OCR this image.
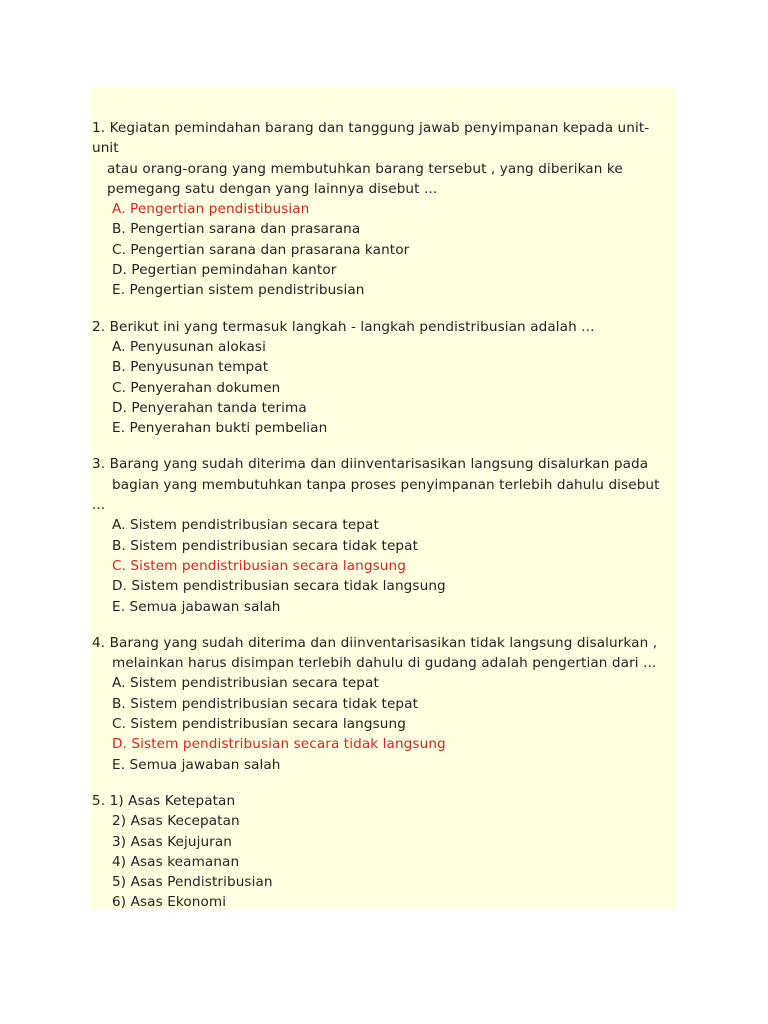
1. Kegiatan pemindahan barang dan tanggung jawab penyimpanan kepada unit-
unit
atau orang-orang yang membutuhkan barang tersebut , yang diberikan ke
pemegang satu dengan yang lainnya disebut ...
A. Pengertian pendistibusian
B. Pengertian sarana dan prasarana
C. Pengertian sarana dan prasarana kantor
D. Pegertian pemindahan kantor
E. Pengertian sistem pendistribusian
2. Berikut ini yang termasuk langkah - langkah pendistribusian adalah ...
A. Penyusunan alokasi
B. Penyusunan tempat
C. Penyerahan dokumen
D. Penyerahan tanda terima
E. Penyerahan bukti pembelian
3. Barang yang sudah diterima dan diinventarisasikan langsung disalurkan pada
bagian yang membutuhkan tanpa proses penyimpanan terlebih dahulu disebut
...
A. Sistem pendistribusian secara tepat
B. Sistem pendistribusian secara tidak tepat
C. Sistem pendistribusian secara langsung
D. Sistem pendistribusian secara tidak langsung
E. Semua jabawan salah
4. Barang yang sudah diterima dan diinventarisasikan tidak langsung disalurkan ,
melainkan harus disimpan terlebih dahulu di gudang adalah pengertian dari ...
A. Sistem pendistribusian secara tepat
B. Sistem pendistribusian secara tidak tepat
C. Sistem pendistribusian secara langsung
D. Sistem pendistribusian secara tidak langsung
E. Semua jawaban salah
5. 1) Asas Ketepatan
2) Asas Kecepatan
3) Asas Kejujuran
4) Asas keamanan
5) Asas Pendistribusian
6) Asas Ekonomi
